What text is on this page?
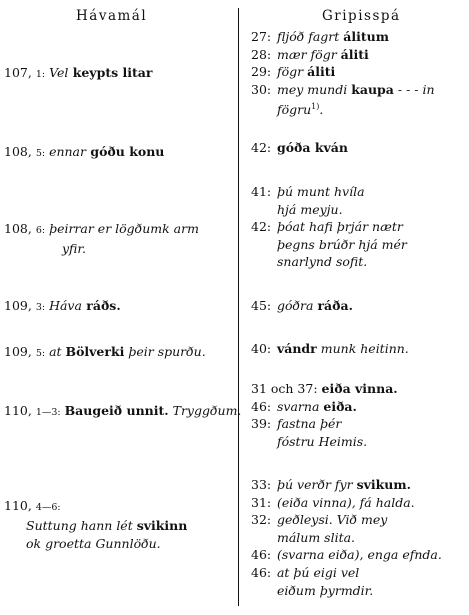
Hávamál	Gripisspá
107, 1: Vel keypts litar
108, 5: ennar góðu konu
108, 6: þeirrar er lögðumk arm
yfir.
109, 3: Háva ráðs.
109, 5: at Bölverki þeir spurðu.
110, 1—3: Baugeið unnit. Tryggðum.
110, 4—6:
Suttung hann lét svikinn
ok groetta Gunnlöðu.
27: fljóð fagrt álitum
28: mær fögr áliti
29: fögr áliti
30: mey mundi kaupa - - - in
fögru$^{1)}$.
42: góða kván
41: þú munt hvíla
hjá meyju.
42: þóat hafi þrjár nætr
þegns brúðr hjá mér
snarlynd sofit.
45: góðra ráða.
40: vándr munk heitinn.
31 och 37: eiða vinna.
46: svarna eiða.
39: fastna þér
fóstru Heimis.
33: þú verðr fyr svikum.
31: (eiða vinna), fá halda.
32: geðleysi. Við mey
málum slita.
46: (svarna eiða), enga efnda.
46: at þú eigi vel
eiðum þyrmdir.
